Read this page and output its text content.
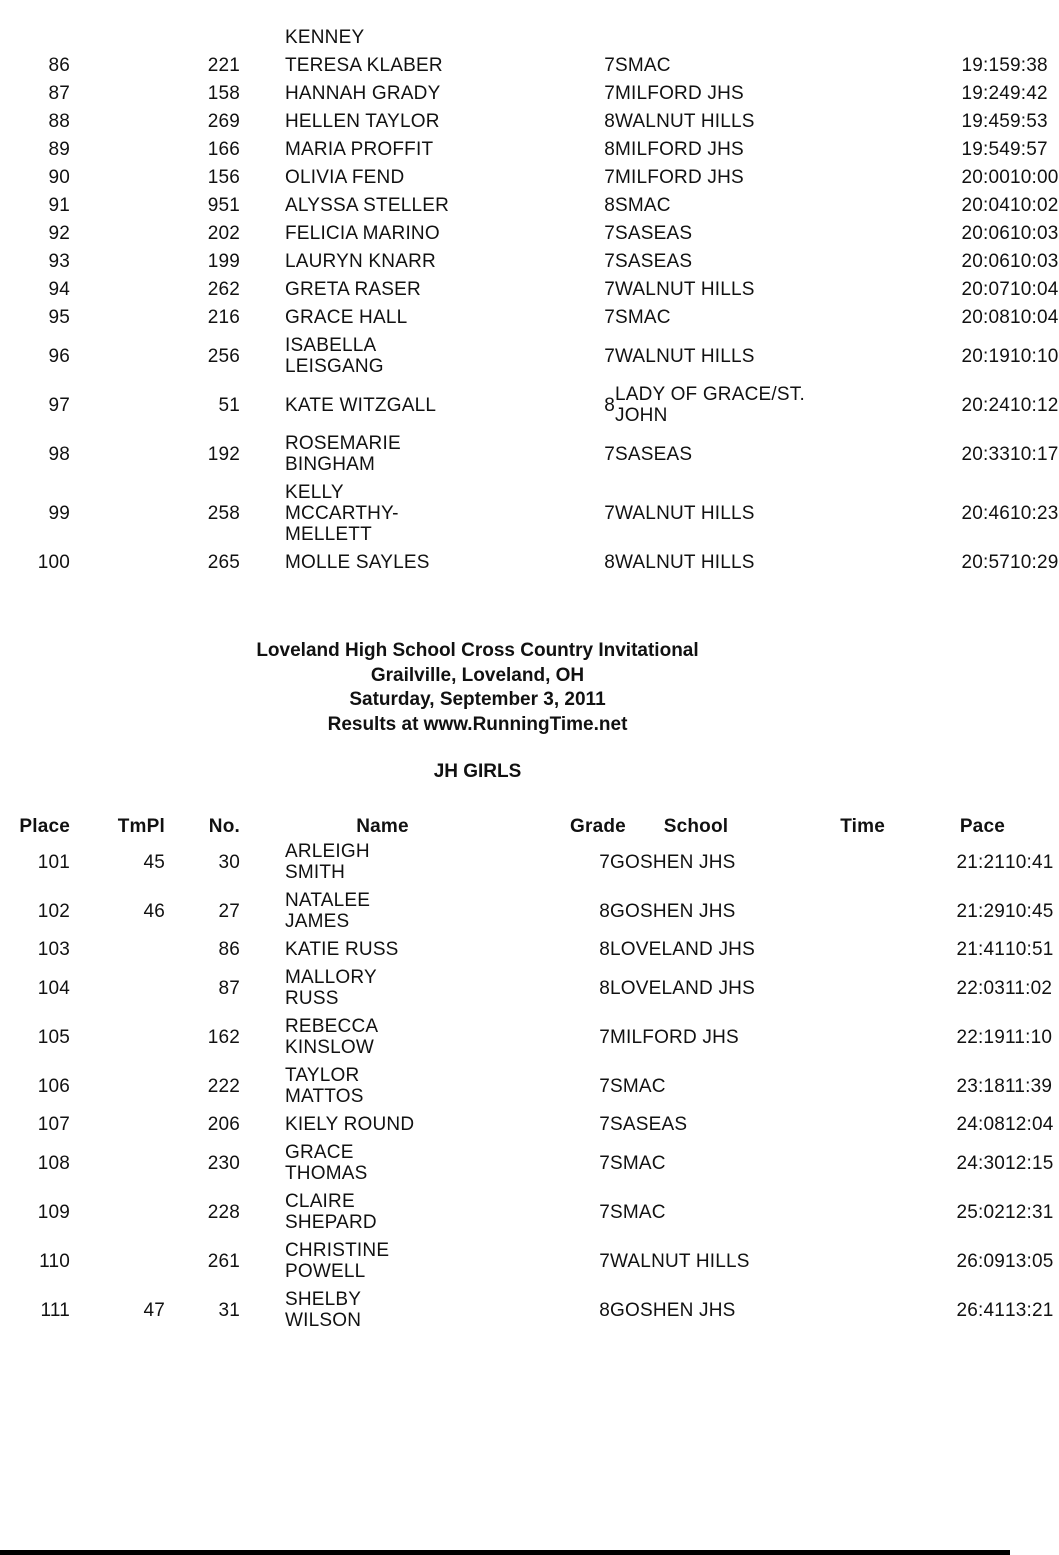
				KENNEY					
86		221		TERESA KLABER		7	SMAC	19:15	9:38
87		158		HANNAH GRADY		7	MILFORD JHS	19:24	9:42
88		269		HELLEN TAYLOR		8	WALNUT HILLS	19:45	9:53
89		166		MARIA PROFFIT		8	MILFORD JHS	19:54	9:57
90		156		OLIVIA FEND		7	MILFORD JHS	20:00	10:00
91		951		ALYSSA STELLER		8	SMAC	20:04	10:02
92		202		FELICIA MARINO		7	SASEAS	20:06	10:03
93		199		LAURYN KNARR		7	SASEAS	20:06	10:03
94		262		GRETA RASER		7	WALNUT HILLS	20:07	10:04
95		216		GRACE HALL		7	SMAC	20:08	10:04
96		256		ISABELLA LEISGANG		7	WALNUT HILLS	20:19	10:10
97		51		KATE WITZGALL		8	LADY OF GRACE/ST. JOHN	20:24	10:12
98		192		ROSEMARIE BINGHAM		7	SASEAS	20:33	10:17
99		258		KELLY MCCARTHY-MELLETT		7	WALNUT HILLS	20:46	10:23
100		265		MOLLE SAYLES		8	WALNUT HILLS	20:57	10:29
Loveland High School Cross Country Invitational
Grailville, Loveland, OH
Saturday, September 3, 2011
Results at www.RunningTime.net
JH GIRLS
Place	TmPl	No.		Name		Grade	School	Time	Pace	
101	45	30		ARLEIGH SMITH		7	GOSHEN JHS		21:21	10:41
102	46	27		NATALEE JAMES		8	GOSHEN JHS		21:29	10:45
103		86		KATIE RUSS		8	LOVELAND JHS		21:41	10:51
104		87		MALLORY RUSS		8	LOVELAND JHS		22:03	11:02
105		162		REBECCA KINSLOW		7	MILFORD JHS		22:19	11:10
106		222		TAYLOR MATTOS		7	SMAC		23:18	11:39
107		206		KIELY ROUND		7	SASEAS		24:08	12:04
108		230		GRACE THOMAS		7	SMAC		24:30	12:15
109		228		CLAIRE SHEPARD		7	SMAC		25:02	12:31
110		261		CHRISTINE POWELL		7	WALNUT HILLS		26:09	13:05
111	47	31		SHELBY WILSON		8	GOSHEN JHS		26:41	13:21
